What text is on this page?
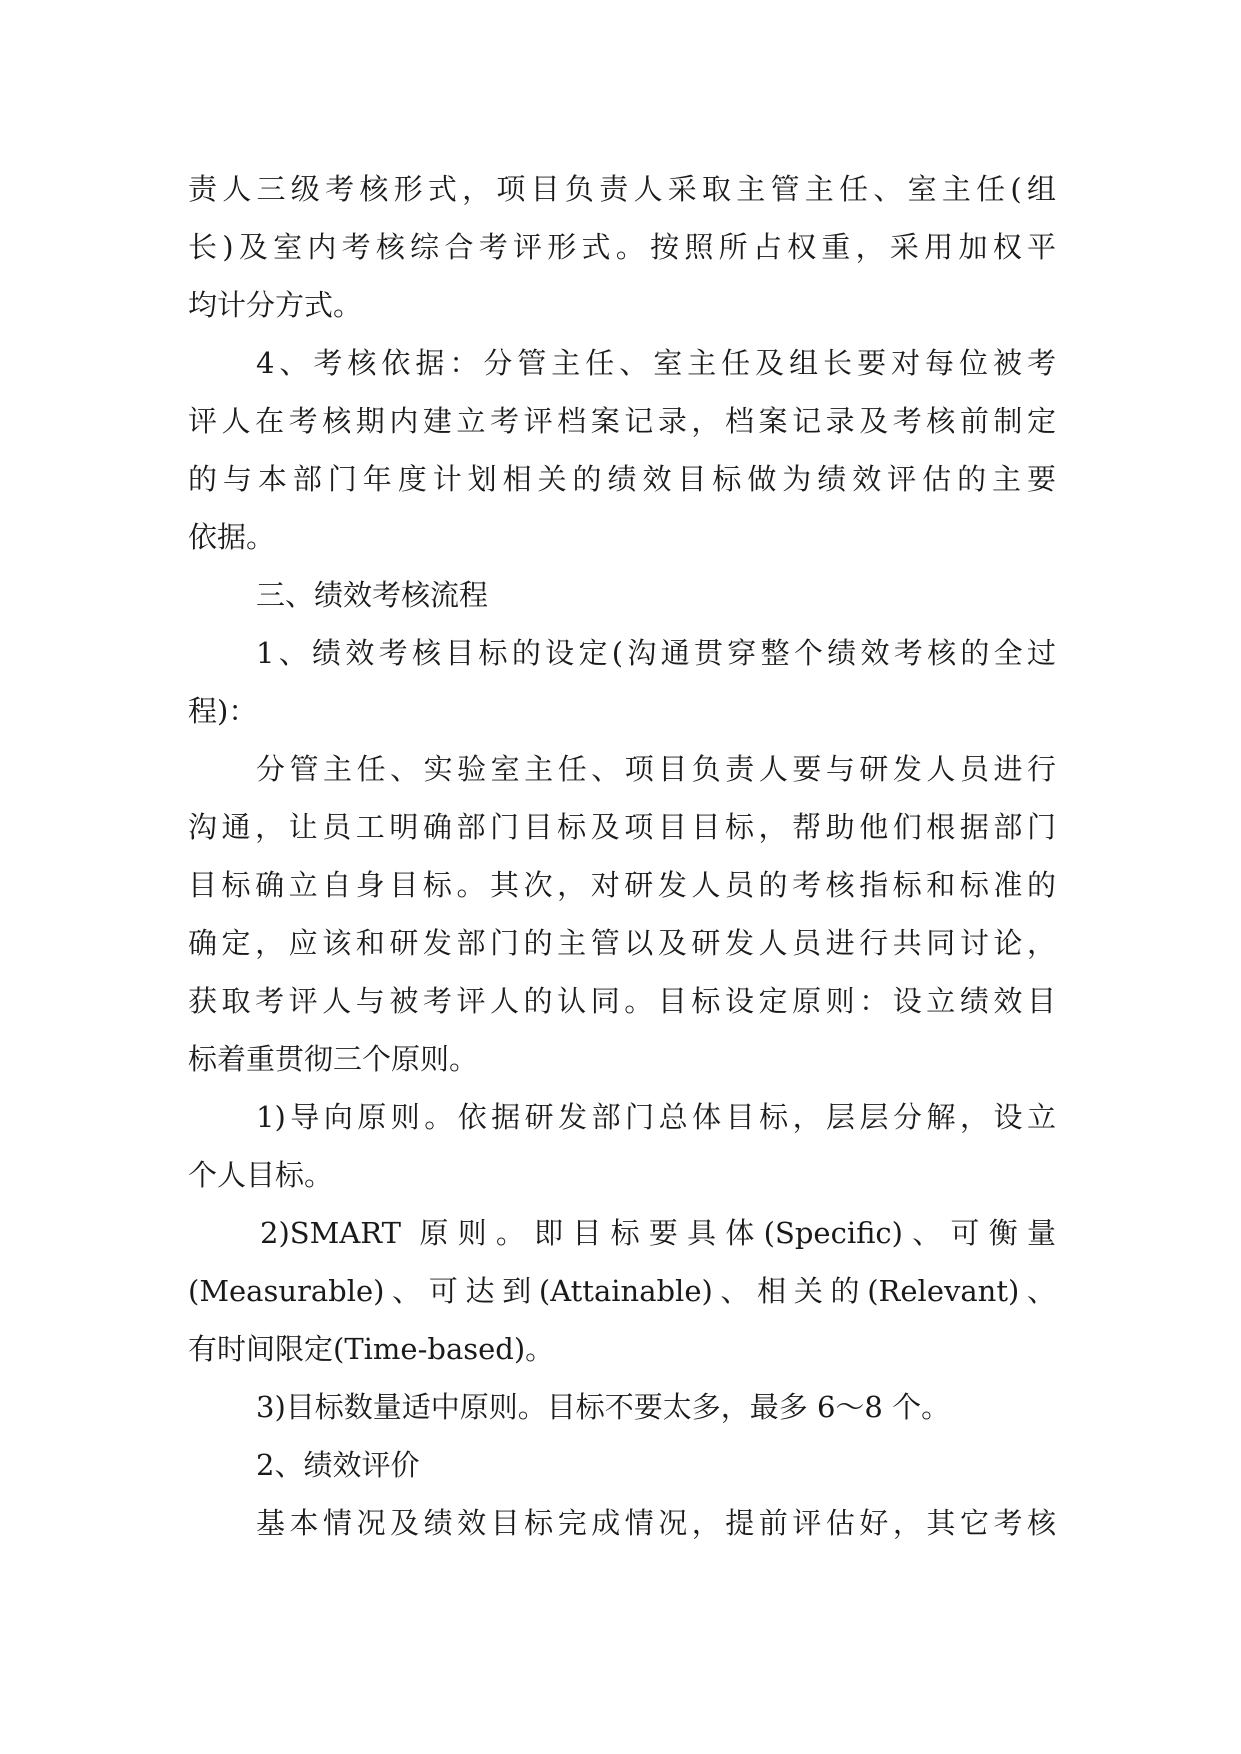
责人三级考核形式，项目负责人采取主管主任、室主任(组
长)及室内考核综合考评形式。按照所占权重，采用加权平
均计分方式。
4、考核依据：分管主任、室主任及组长要对每位被考
评人在考核期内建立考评档案记录，档案记录及考核前制定
的与本部门年度计划相关的绩效目标做为绩效评估的主要
依据。
三、绩效考核流程
1、绩效考核目标的设定(沟通贯穿整个绩效考核的全过
程)：
分管主任、实验室主任、项目负责人要与研发人员进行
沟通，让员工明确部门目标及项目目标，帮助他们根据部门
目标确立自身目标。其次，对研发人员的考核指标和标准的
确定，应该和研发部门的主管以及研发人员进行共同讨论，
获取考评人与被考评人的认同。目标设定原则：设立绩效目
标着重贯彻三个原则。
1)导向原则。依据研发部门总体目标，层层分解，设立
个人目标。
2)SMART 原则。即目标要具体(Specific)、可衡量
(Measurable)、可达到(Attainable)、相关的(Relevant)、
有时间限定(Time-based)。
3)目标数量适中原则。目标不要太多，最多 6～8 个。
2、绩效评价
基本情况及绩效目标完成情况，提前评估好，其它考核
